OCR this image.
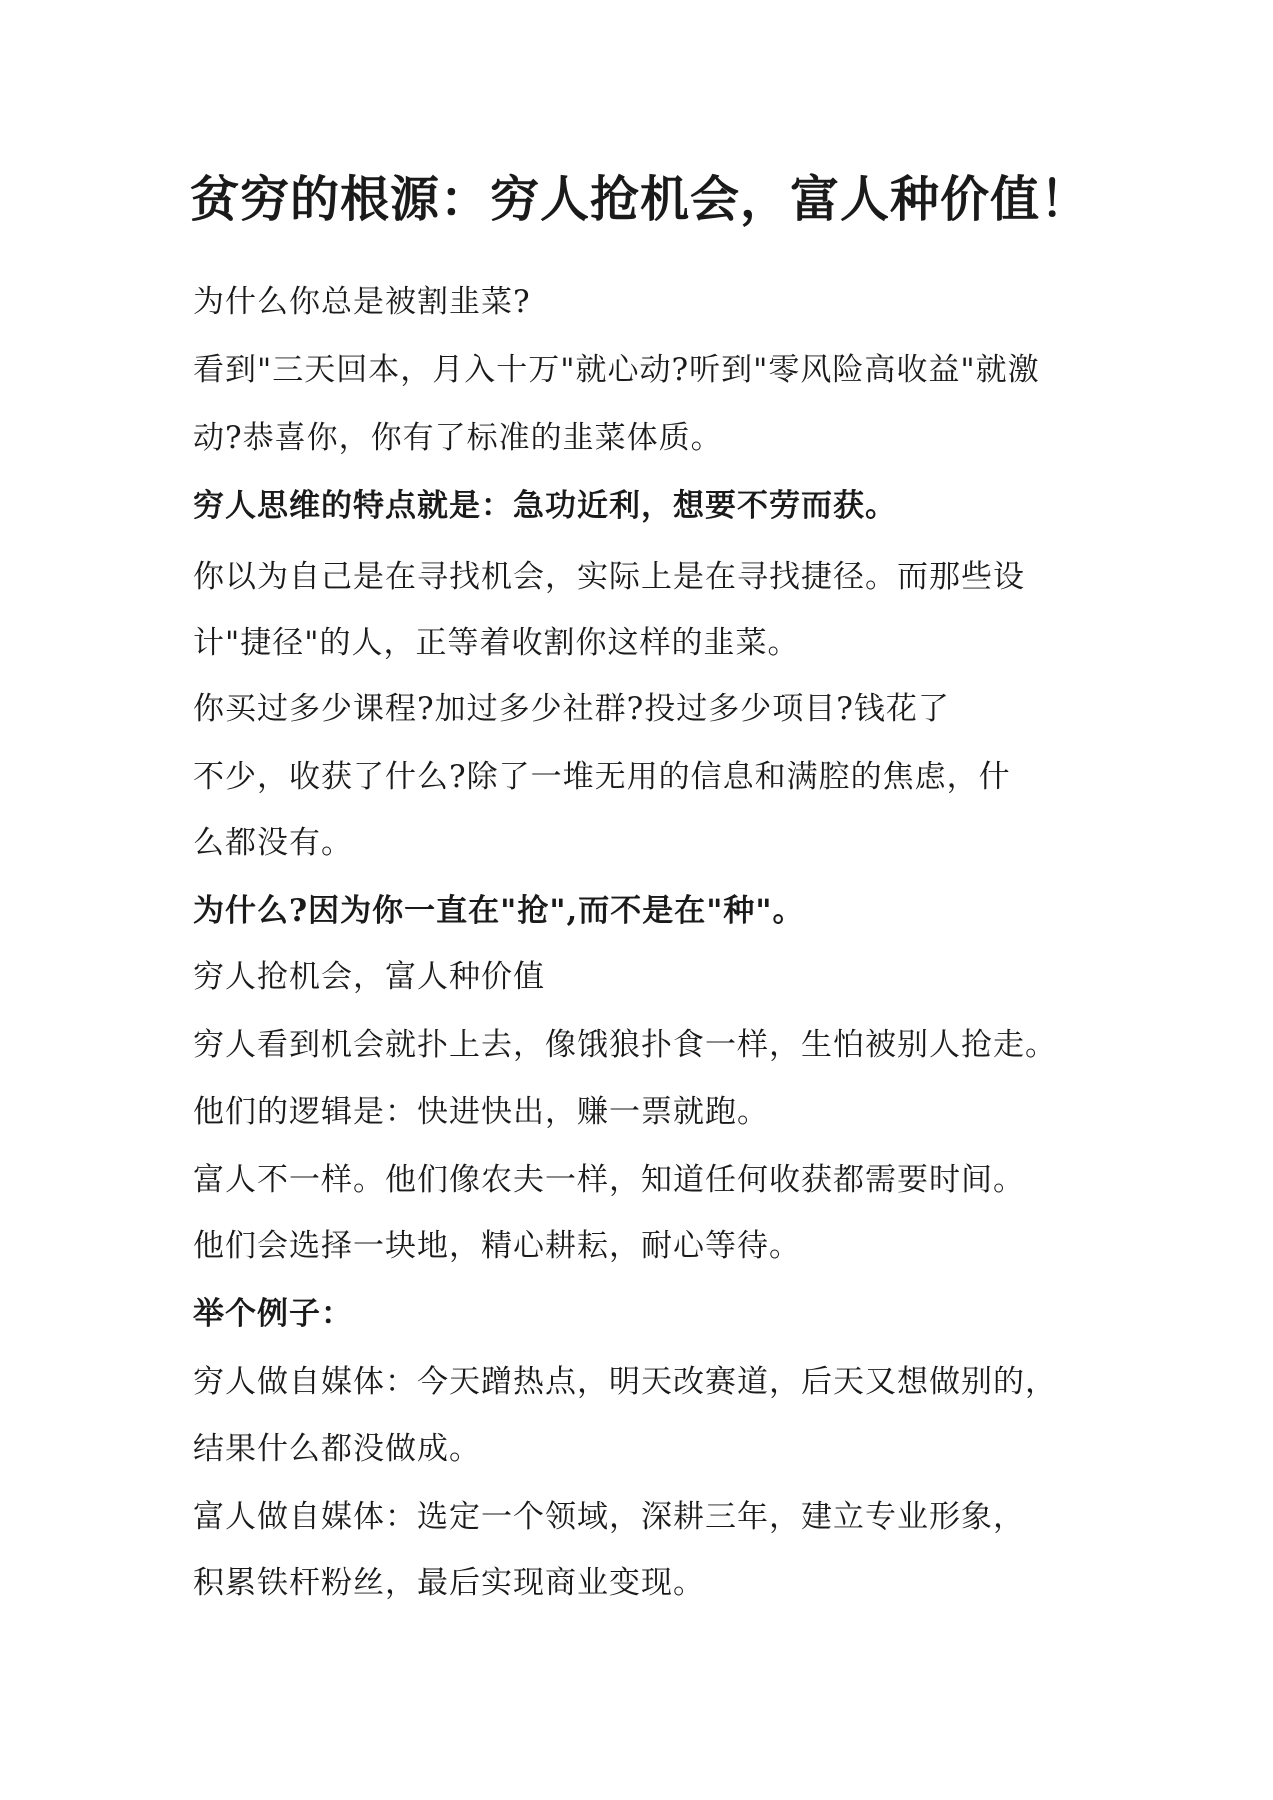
贫穷的根源：穷人抢机会，富人种价值！

为什么你总是被割韭菜?

看到"三天回本，月入十万"就心动?听到"零风险高收益"就激

动?恭喜你，你有了标准的韭菜体质。

穷人思维的特点就是：急功近利，想要不劳而获。

你以为自己是在寻找机会，实际上是在寻找捷径。而那些设

计"捷径"的人，正等着收割你这样的韭菜。

你买过多少课程?加过多少社群?投过多少项目?钱花了

不少，收获了什么?除了一堆无用的信息和满腔的焦虑，什

么都没有。

为什么?因为你一直在"抢",而不是在"种"。

穷人抢机会，富人种价值

穷人看到机会就扑上去，像饿狼扑食一样，生怕被别人抢走。

他们的逻辑是：快进快出，赚一票就跑。

富人不一样。他们像农夫一样，知道任何收获都需要时间。

他们会选择一块地，精心耕耘，耐心等待。

举个例子：

穷人做自媒体：今天蹭热点，明天改赛道，后天又想做别的，

结果什么都没做成。

富人做自媒体：选定一个领域，深耕三年，建立专业形象，

积累铁杆粉丝，最后实现商业变现。
